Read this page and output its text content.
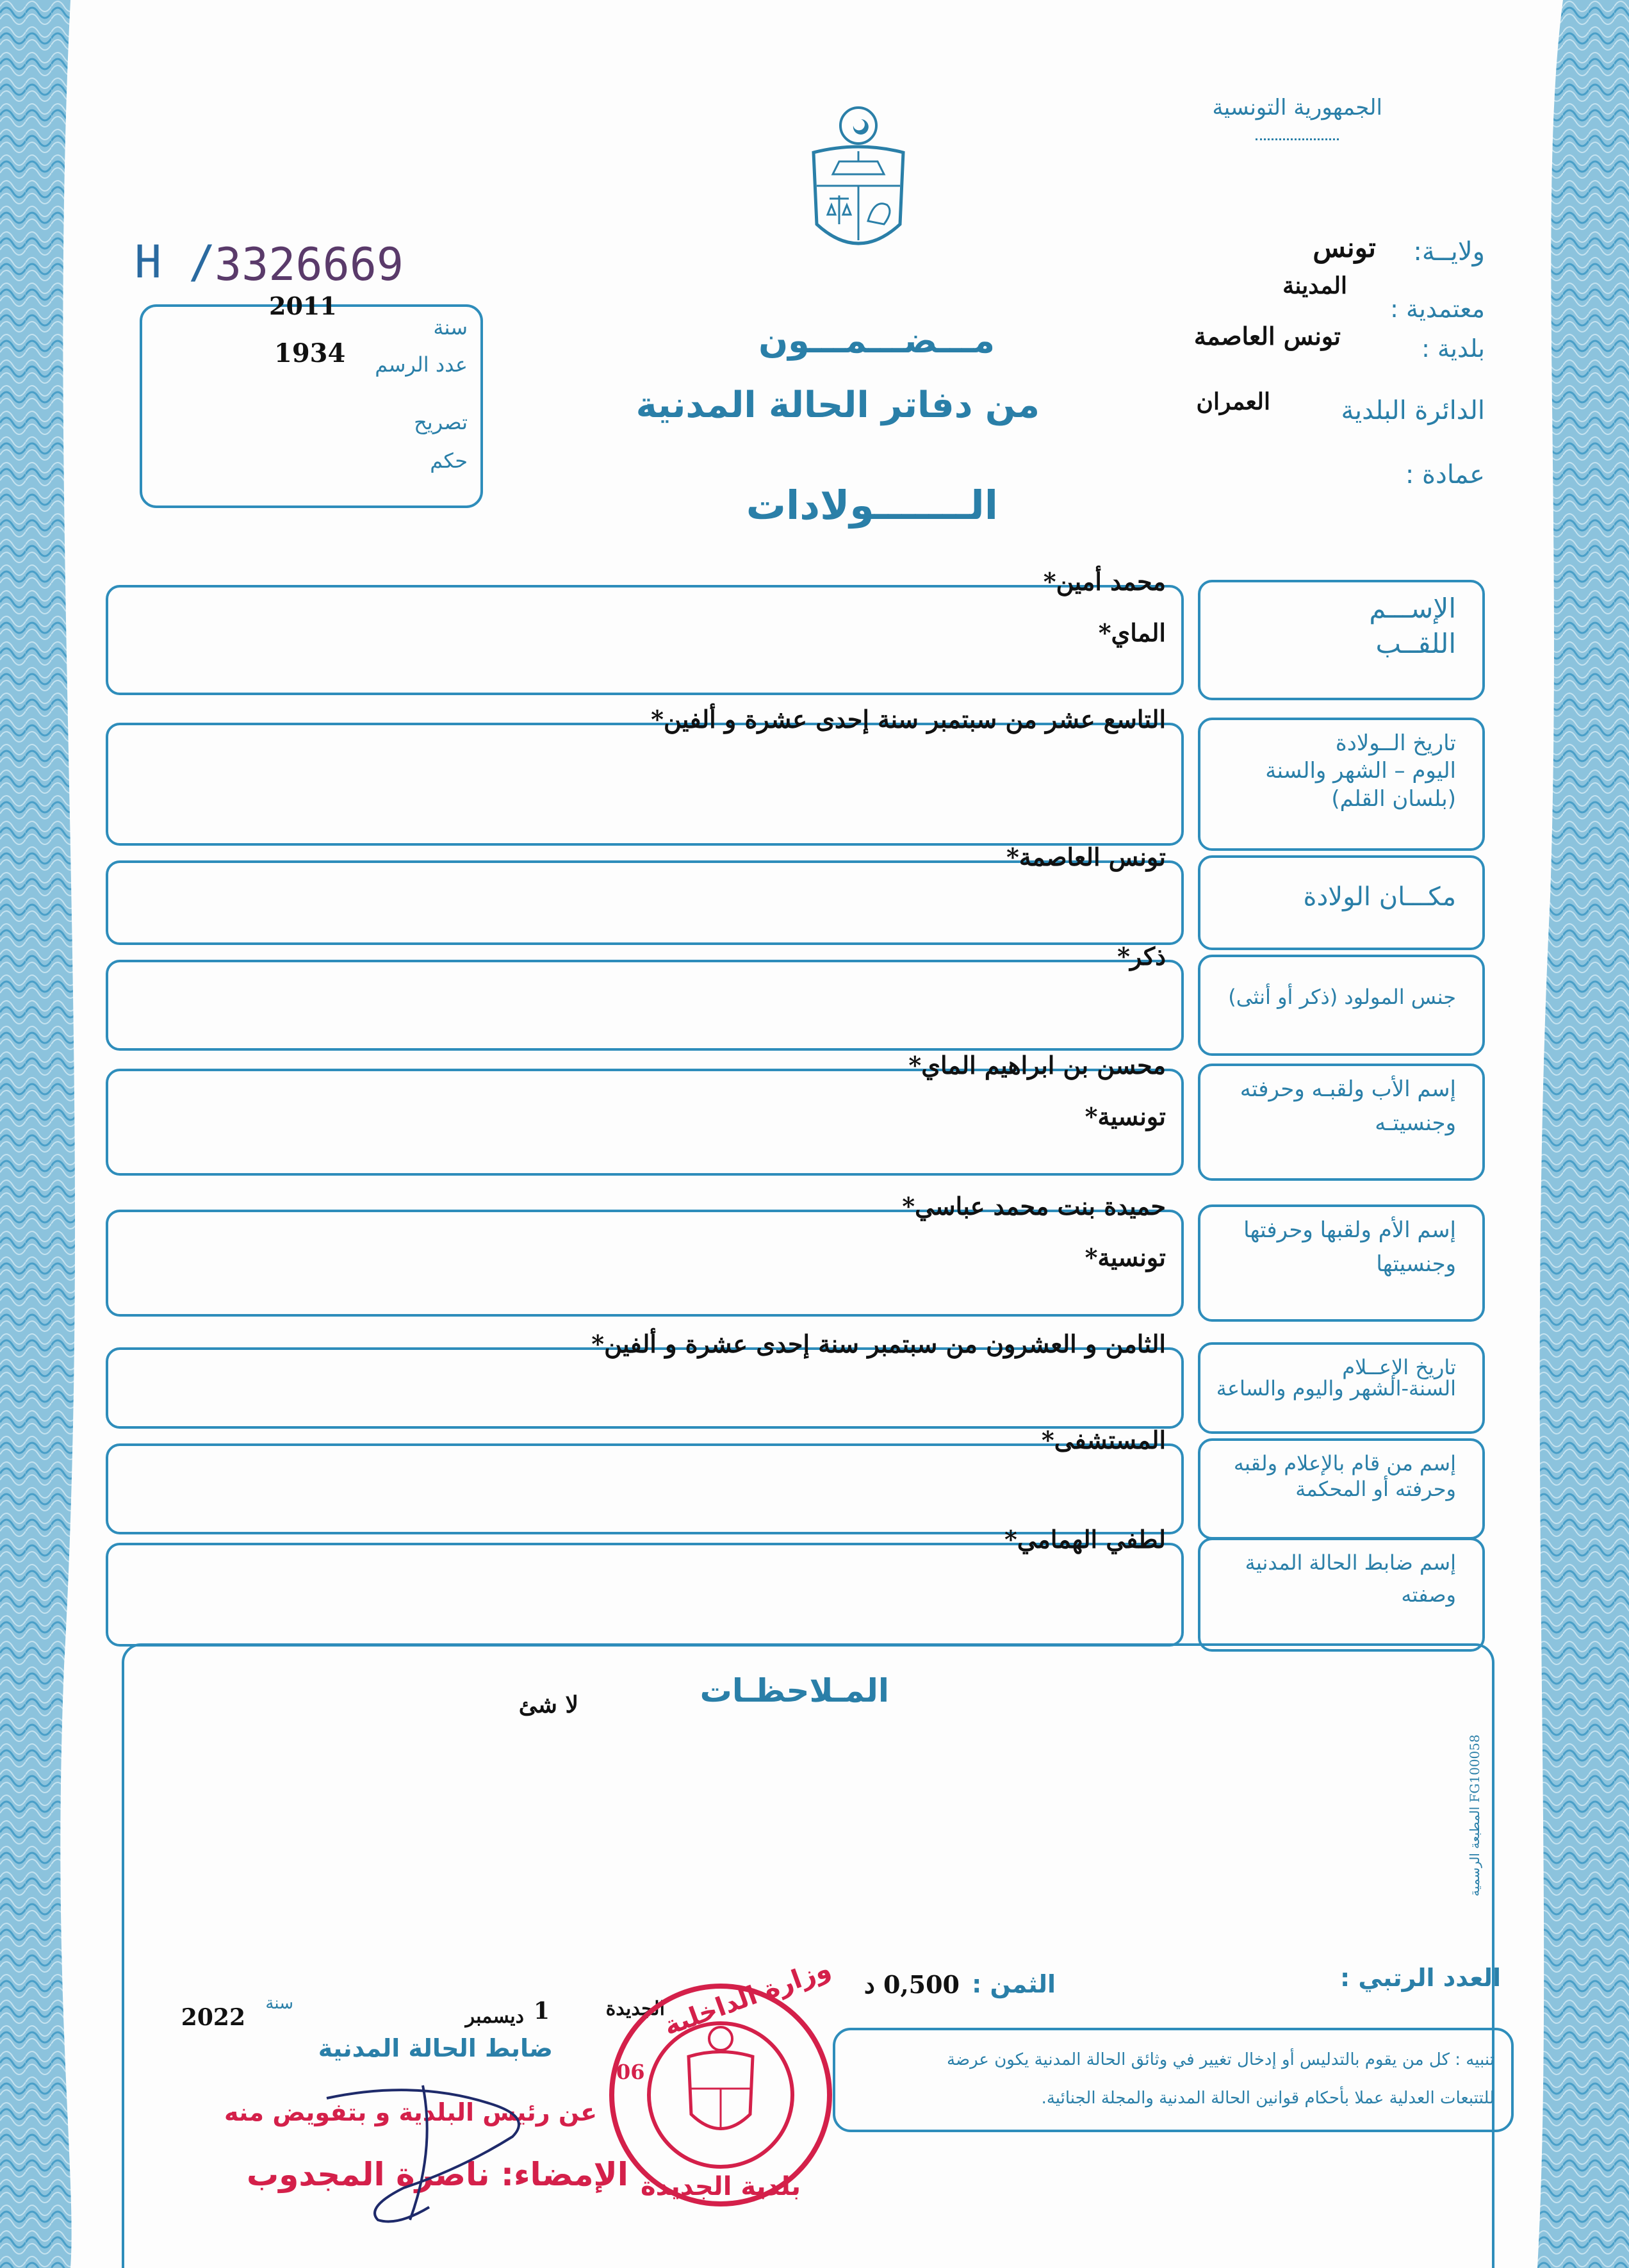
الجمهورية التونسية
ولايــة:
تونس
المدينة
معتمدية :
بلدية :
تونس العاصمة
العمران	الدائرة البلدية
عمادة :
H /
3326669
2011
سنة
1934 عدد الرسم
تصريح
حكم
مـــضـــمـــون
من دفاتر الحالة المدنية
الـــــــولادات
الإســـم
اللقــب
محمد أمين*
الماي*
تاريخ الــولادة
اليوم – الشهر والسنة
(بلسان القلم)
التاسع عشر من سبتمبر سنة إحدى عشرة و ألفين*
مكـــان الولادة
تونس العاصمة*
جنس المولود (ذكر أو أنثى)
ذكر*
إسم الأب ولقبـه وحرفته
وجنسيتـه
محسن بن ابراهيم الماي*
تونسية*
إسم الأم ولقبها وحرفتها
وجنسيتها
حميدة بنت محمد عباسي*
تونسية*
تاريخ الإعــلام
السنة-الشهر واليوم والساعة
الثامن و العشرون من سبتمبر سنة إحدى عشرة و ألفين*
إسم من قام بالإعلام ولقبه
وحرفته أو المحكمة
المستشفى*
إسم ضابط الحالة المدنية
وصفته
لطفي الهمامي*
المـلاحظـات
لا شئ
المطبعة الرسمية FG100058
العدد الرتبي :
الثمن :
0,500 د
الجديدة
1
ديسمبر
سنة
2022
ضابط الحالة المدنية	تنبيه : كل من يقوم بالتدليس أو إدخال تغيير في وثائق الحالة المدنية يكون عرضة
للتتبعات العدلية عملا بأحكام قوانين الحالة المدنية والمجلة الجنائية.
وزارة الداخلية
بلدية الجديدة
06
عن رئيس البلدية و بتفويض منه
الإمضاء: ناصرة المجدوب
